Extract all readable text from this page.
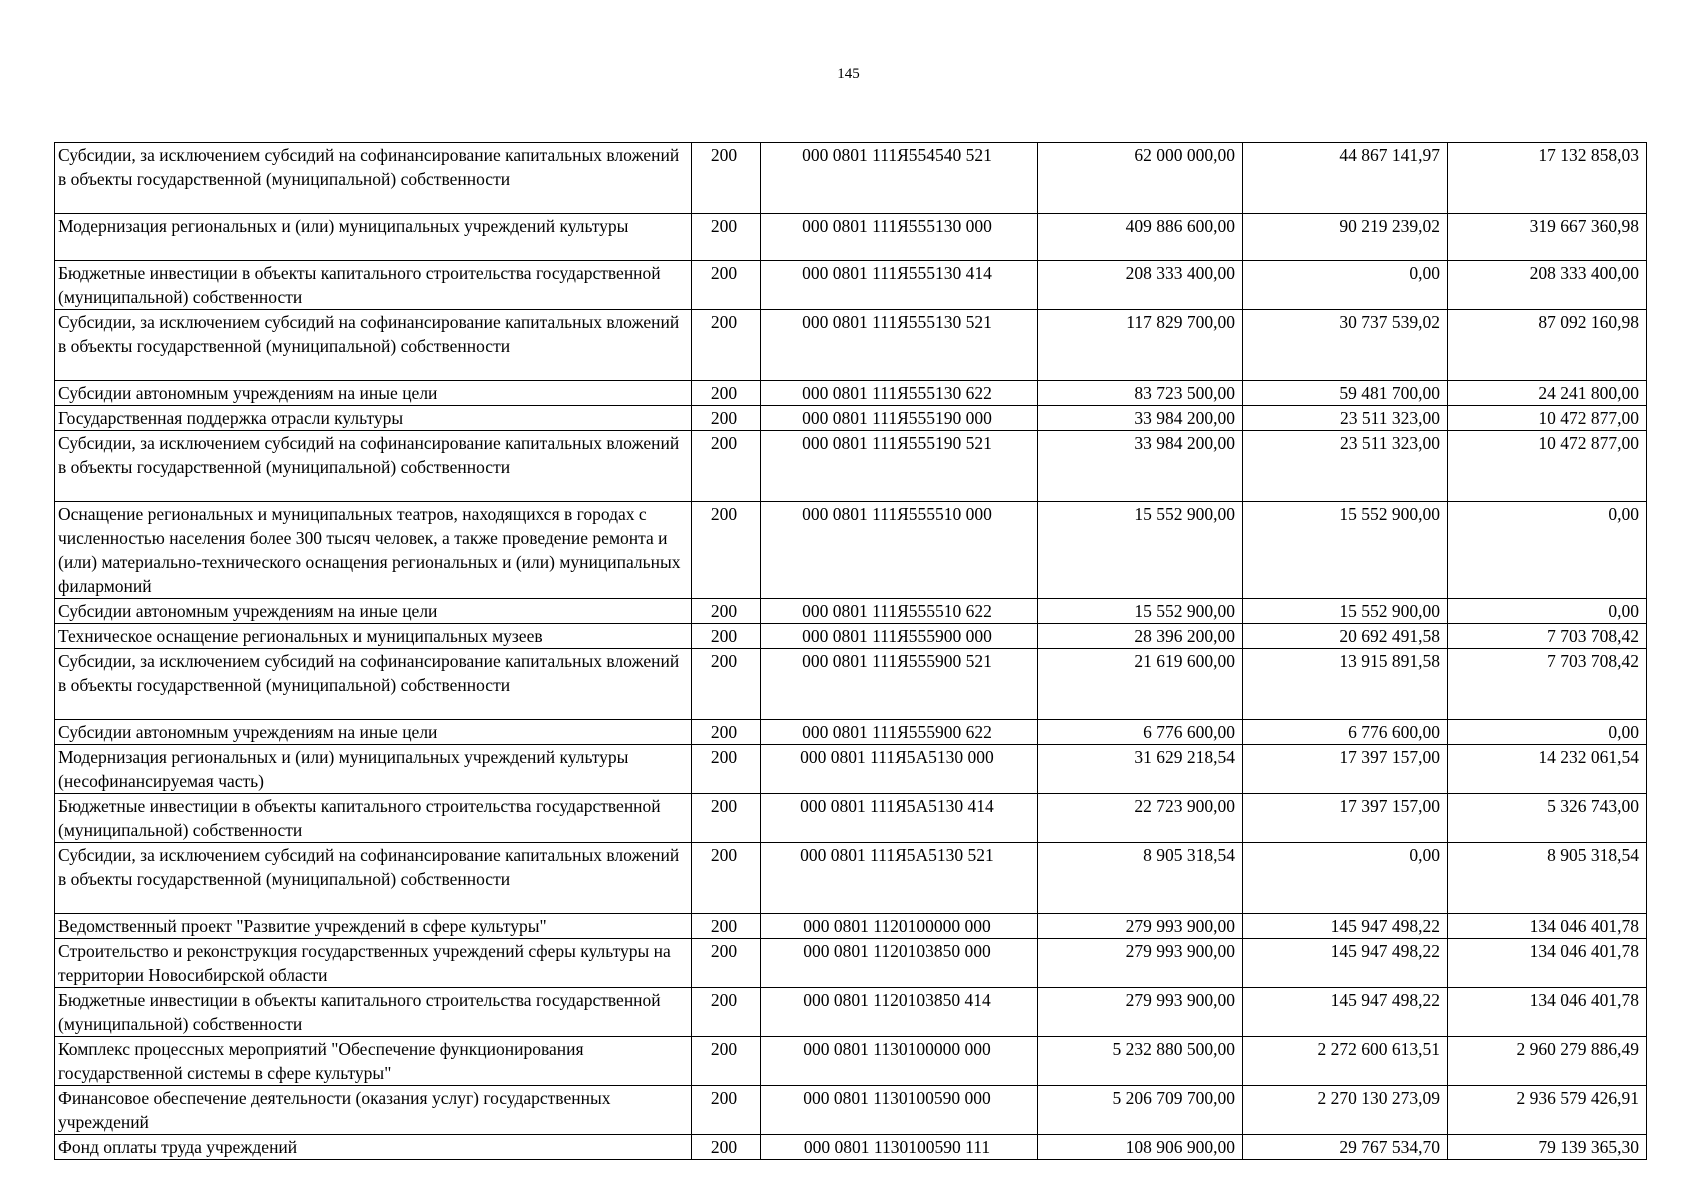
145
Субсидии, за исключением субсидий на софинансирование капитальных вложений в объекты государственной (муниципальной) собственности	200	000 0801 111Я554540 521	62 000 000,00	44 867 141,97	17 132 858,03
Модернизация региональных и (или) муниципальных учреждений культуры	200	000 0801 111Я555130 000	409 886 600,00	90 219 239,02	319 667 360,98
Бюджетные инвестиции в объекты капитального строительства государственной (муниципальной) собственности	200	000 0801 111Я555130 414	208 333 400,00	0,00	208 333 400,00
Субсидии, за исключением субсидий на софинансирование капитальных вложений в объекты государственной (муниципальной) собственности	200	000 0801 111Я555130 521	117 829 700,00	30 737 539,02	87 092 160,98
Субсидии автономным учреждениям на иные цели	200	000 0801 111Я555130 622	83 723 500,00	59 481 700,00	24 241 800,00
Государственная поддержка отрасли культуры	200	000 0801 111Я555190 000	33 984 200,00	23 511 323,00	10 472 877,00
Субсидии, за исключением субсидий на софинансирование капитальных вложений в объекты государственной (муниципальной) собственности	200	000 0801 111Я555190 521	33 984 200,00	23 511 323,00	10 472 877,00
Оснащение региональных и муниципальных театров, находящихся в городах с численностью населения более 300 тысяч человек, а также проведение ремонта и (или) материально-технического оснащения региональных и (или) муниципальных филармоний	200	000 0801 111Я555510 000	15 552 900,00	15 552 900,00	0,00
Субсидии автономным учреждениям на иные цели	200	000 0801 111Я555510 622	15 552 900,00	15 552 900,00	0,00
Техническое оснащение региональных и муниципальных музеев	200	000 0801 111Я555900 000	28 396 200,00	20 692 491,58	7 703 708,42
Субсидии, за исключением субсидий на софинансирование капитальных вложений в объекты государственной (муниципальной) собственности	200	000 0801 111Я555900 521	21 619 600,00	13 915 891,58	7 703 708,42
Субсидии автономным учреждениям на иные цели	200	000 0801 111Я555900 622	6 776 600,00	6 776 600,00	0,00
Модернизация региональных и (или) муниципальных учреждений культуры (несофинансируемая часть)	200	000 0801 111Я5А5130 000	31 629 218,54	17 397 157,00	14 232 061,54
Бюджетные инвестиции в объекты капитального строительства государственной (муниципальной) собственности	200	000 0801 111Я5А5130 414	22 723 900,00	17 397 157,00	5 326 743,00
Субсидии, за исключением субсидий на софинансирование капитальных вложений в объекты государственной (муниципальной) собственности	200	000 0801 111Я5А5130 521	8 905 318,54	0,00	8 905 318,54
Ведомственный проект "Развитие учреждений в сфере культуры"	200	000 0801 1120100000 000	279 993 900,00	145 947 498,22	134 046 401,78
Строительство и реконструкция государственных учреждений сферы культуры на территории Новосибирской области	200	000 0801 1120103850 000	279 993 900,00	145 947 498,22	134 046 401,78
Бюджетные инвестиции в объекты капитального строительства государственной (муниципальной) собственности	200	000 0801 1120103850 414	279 993 900,00	145 947 498,22	134 046 401,78
Комплекс процессных мероприятий "Обеспечение функционирования государственной системы в сфере культуры"	200	000 0801 1130100000 000	5 232 880 500,00	2 272 600 613,51	2 960 279 886,49
Финансовое обеспечение деятельности (оказания услуг) государственных учреждений	200	000 0801 1130100590 000	5 206 709 700,00	2 270 130 273,09	2 936 579 426,91
Фонд оплаты труда учреждений	200	000 0801 1130100590 111	108 906 900,00	29 767 534,70	79 139 365,30
